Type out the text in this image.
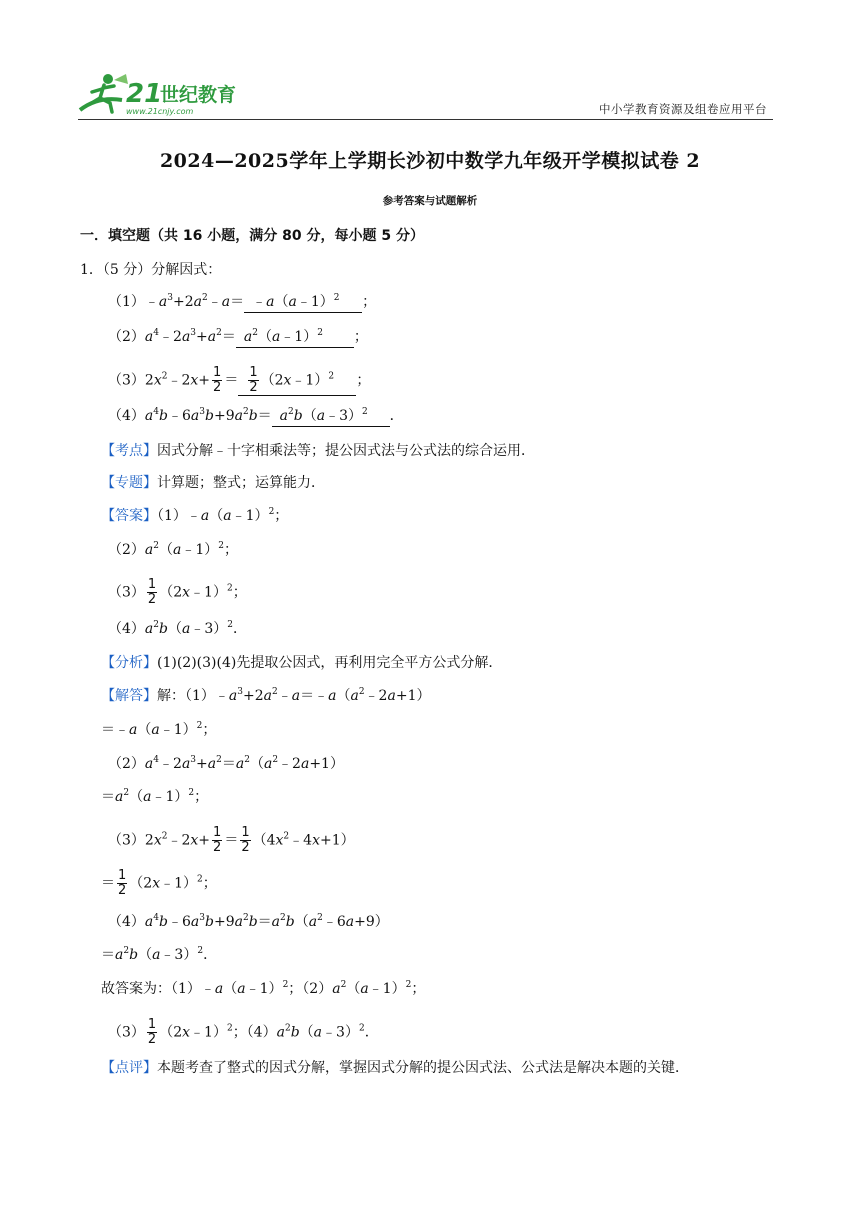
21
世纪教育
www.21cnjy.com	中小学教育资源及组卷应用平台
2024—2025学年上学期长沙初中数学九年级开学模拟试卷 2
参考答案与试题解析
一．填空题（共 16 小题，满分 80 分，每小题 5 分）
1．（5 分）分解因式：
$(1)﹣a^3+2a^2﹣a=$ ﹣a（a﹣1）$^2$ ；
$(2)a^4﹣2a^3+a^2=$ $a^2(a﹣1)^2$ ；
$(3)2x^2﹣2x+ \frac{1}{2} = \frac{1}{2}$ （2x﹣1）$^2$ ；
$(4)a^4b﹣6a^3b+9a^2b=$ $a^2b(a﹣3)^2$ ．
【考点】因式分解﹣十字相乘法等；提公因式法与公式法的综合运用．
【专题】计算题；整式；运算能力．
【答案】（1）﹣a（a﹣1）$^2$；
$(2)a^2(a﹣1)^2$；
$(3) \frac{1}{2}$ （2x﹣1）$^2$；
$(4)a^2b(a﹣3)^2$．
【分析】(1)(2)(3)(4)先提取公因式，再利用完全平方公式分解．
【解答】解：$(1)﹣a^3+2a^2﹣a=﹣a(a^2﹣2a+1)$
＝﹣a（a﹣1）$^2$；
$(2)a^4﹣2a^3+a^2=a^2(a^2﹣2a+1)$
$=a^2(a﹣1)^2$；
$(3)2x^2﹣2x+ \frac{1}{2} = \frac{1}{2}$ $(4x^2﹣4x+1)$
＝ $\frac{1}{2}$ （2x﹣1）$^2$；
$(4)a^4b﹣6a^3b+9a^2b=a^2b(a^2﹣6a+9)$
$=a^2b(a﹣3)^2$．
故答案为：（1）﹣a（a﹣1）$^2$；$(2)a^2(a﹣1)^2$；
$(3) \frac{1}{2}$ （2x﹣1）$^2$；$(4)a^2b(a﹣3)^2$．
【点评】本题考查了整式的因式分解，掌握因式分解的提公因式法、公式法是解决本题的关键．
